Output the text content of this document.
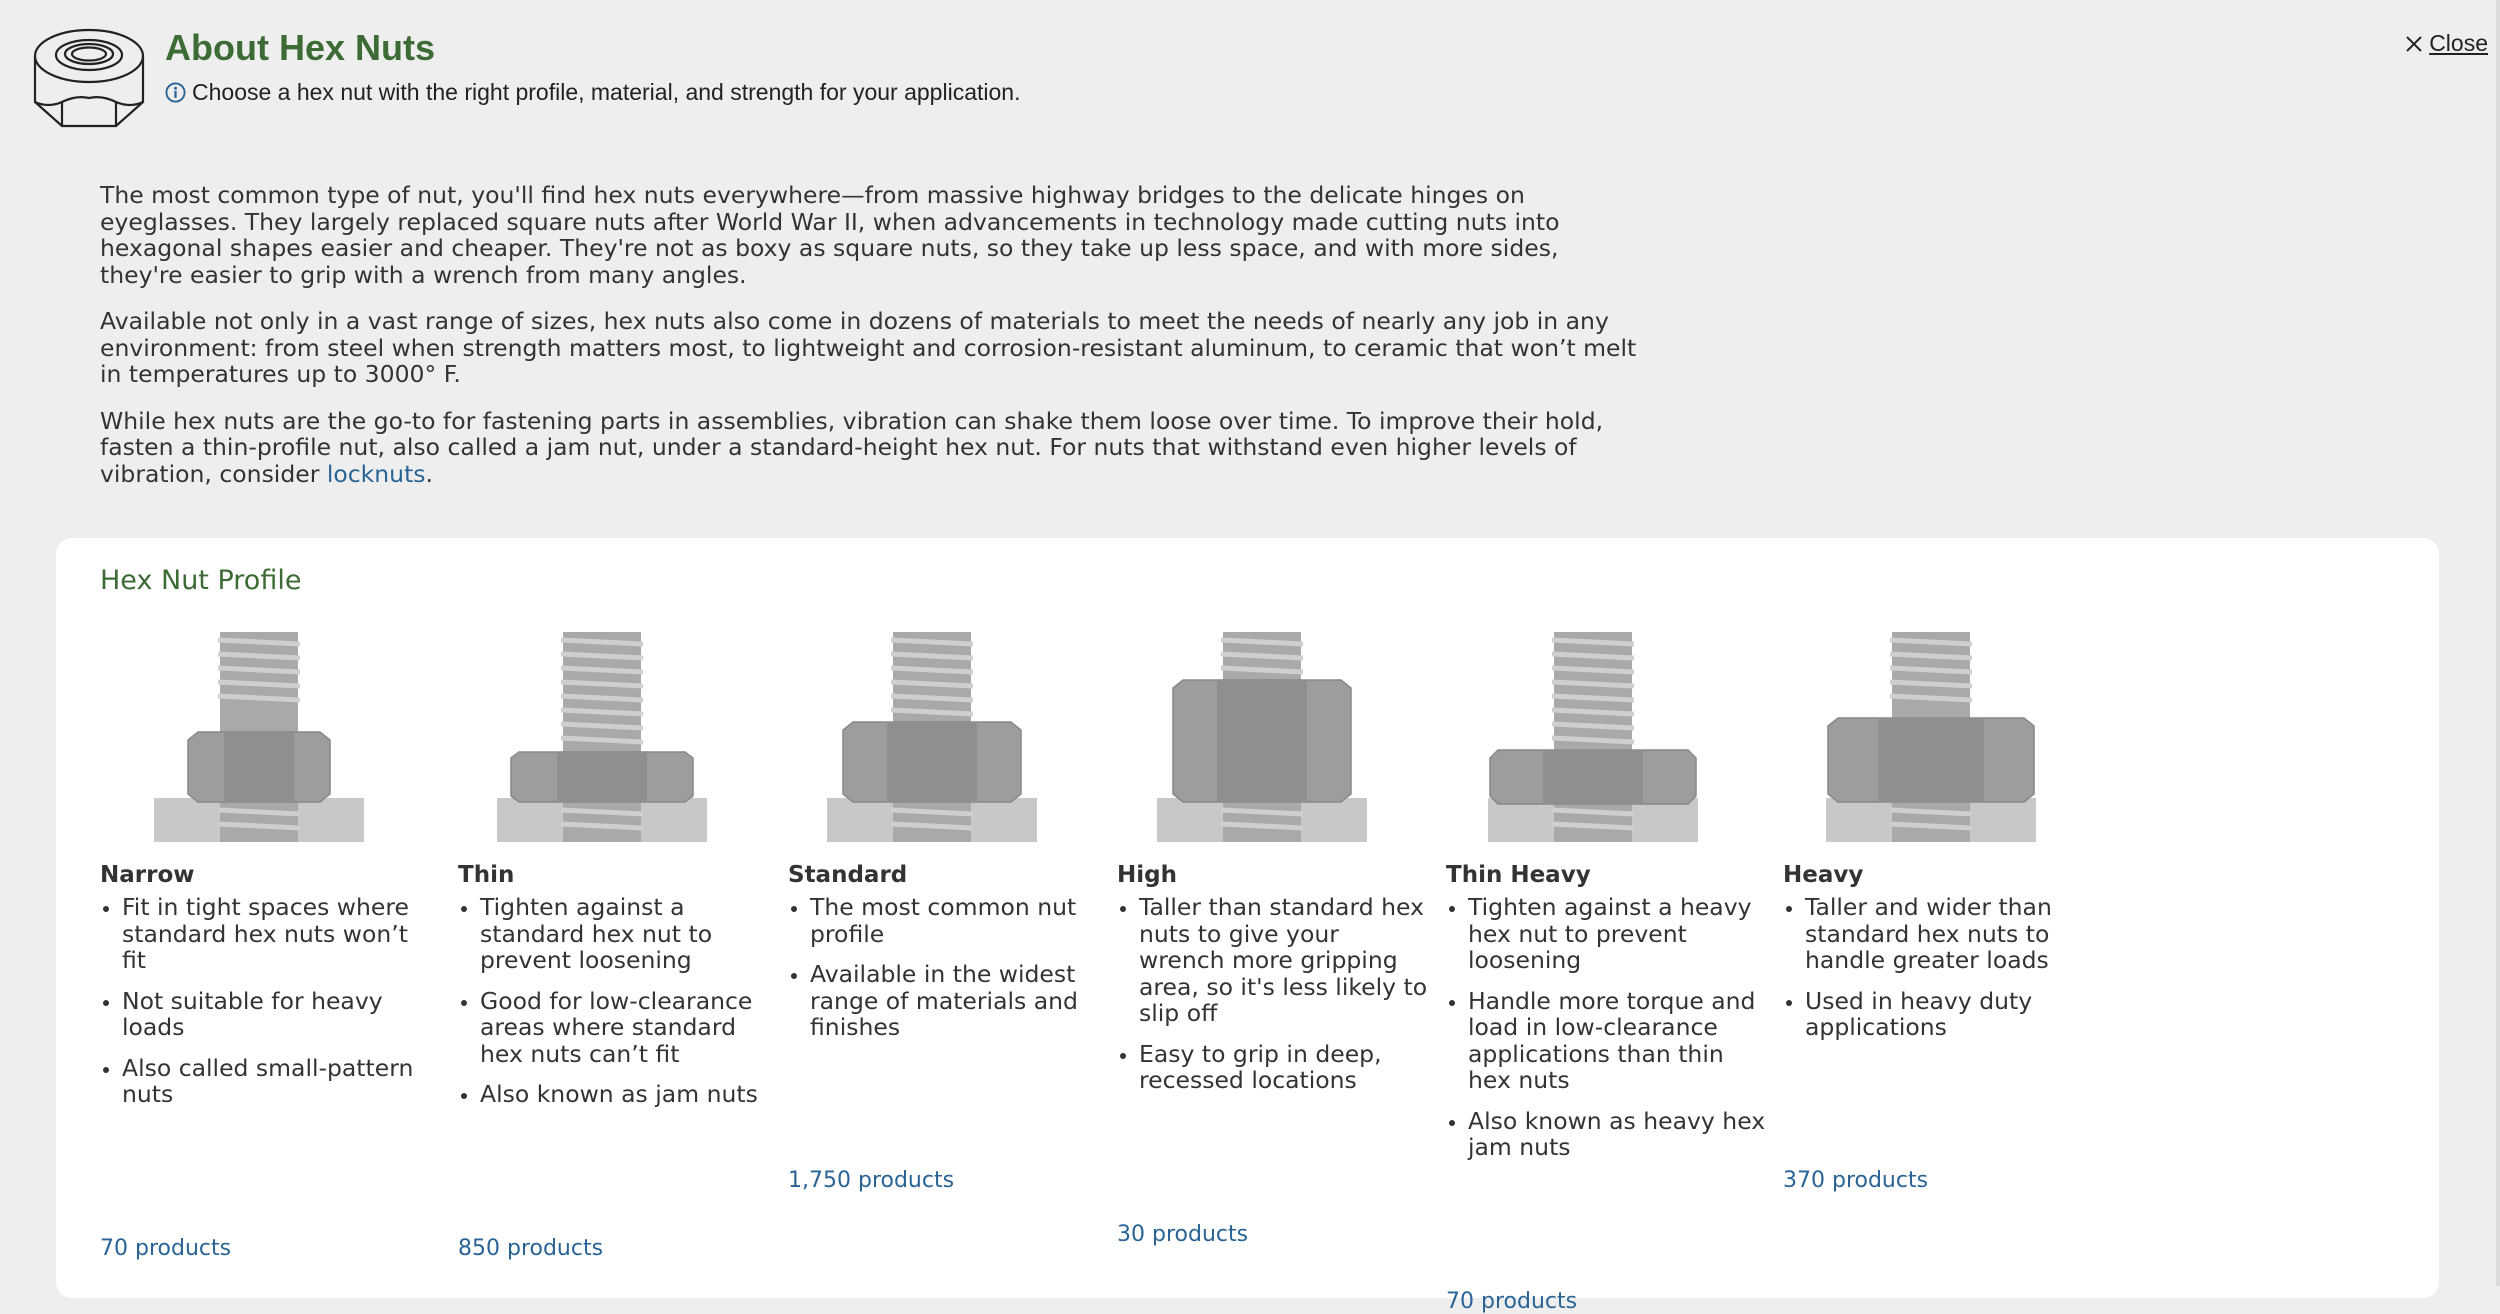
About Hex Nuts
Choose a hex nut with the right profile, material, and strength for your application.
Close

The most common type of nut, you'll find hex nuts everywhere—from massive highway bridges to the delicate hinges on eyeglasses. They largely replaced square nuts after World War II, when advancements in technology made cutting nuts into hexagonal shapes easier and cheaper. They're not as boxy as square nuts, so they take up less space, and with more sides, they're easier to grip with a wrench from many angles.

Available not only in a vast range of sizes, hex nuts also come in dozens of materials to meet the needs of nearly any job in any environment: from steel when strength matters most, to lightweight and corrosion-resistant aluminum, to ceramic that won’t melt in temperatures up to 3000° F.

While hex nuts are the go-to for fastening parts in assemblies, vibration can shake them loose over time. To improve their hold, fasten a thin-profile nut, also called a jam nut, under a standard-height hex nut. For nuts that withstand even higher levels of vibration, consider locknuts.

Hex Nut Profile
Narrow
• Fit in tight spaces where standard hex nuts won’t fit
• Not suitable for heavy loads
• Also called small-pattern nuts
70 products
Thin
• Tighten against a standard hex nut to prevent loosening
• Good for low-clearance areas where standard hex nuts can’t fit
• Also known as jam nuts
850 products
Standard
• The most common nut profile
• Available in the widest range of materials and finishes
1,750 products
High
• Taller than standard hex nuts to give your wrench more gripping area, so it's less likely to slip off
• Easy to grip in deep, recessed locations
30 products
Thin Heavy
• Tighten against a heavy hex nut to prevent loosening
• Handle more torque and load in low-clearance applications than thin hex nuts
• Also known as heavy hex jam nuts
70 products
Heavy
• Taller and wider than standard hex nuts to handle greater loads
• Used in heavy duty applications
370 products
